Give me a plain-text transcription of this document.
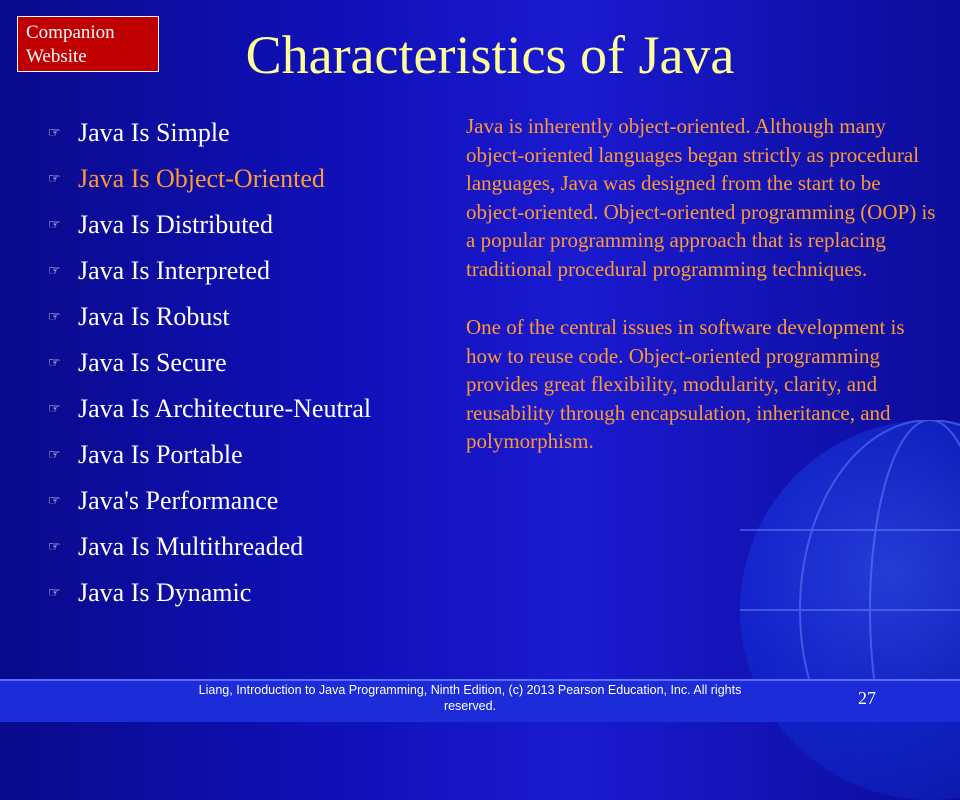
Companion
Website	Characteristics of Java
☞ Java Is Simple
☞ Java Is Object-Oriented
☞ Java Is Distributed
☞ Java Is Interpreted
☞ Java Is Robust
☞ Java Is Secure
☞ Java Is Architecture-Neutral
☞ Java Is Portable
☞ Java's Performance
☞ Java Is Multithreaded
☞ Java Is Dynamic

Java is inherently object-oriented. Although many object-oriented languages began strictly as procedural languages, Java was designed from the start to be object-oriented. Object-oriented programming (OOP) is a popular programming approach that is replacing traditional procedural programming techniques.

One of the central issues in software development is how to reuse code. Object-oriented programming provides great flexibility, modularity, clarity, and reusability through encapsulation, inheritance, and polymorphism.

Liang, Introduction to Java Programming, Ninth Edition, (c) 2013 Pearson Education, Inc. All rights reserved.	27
